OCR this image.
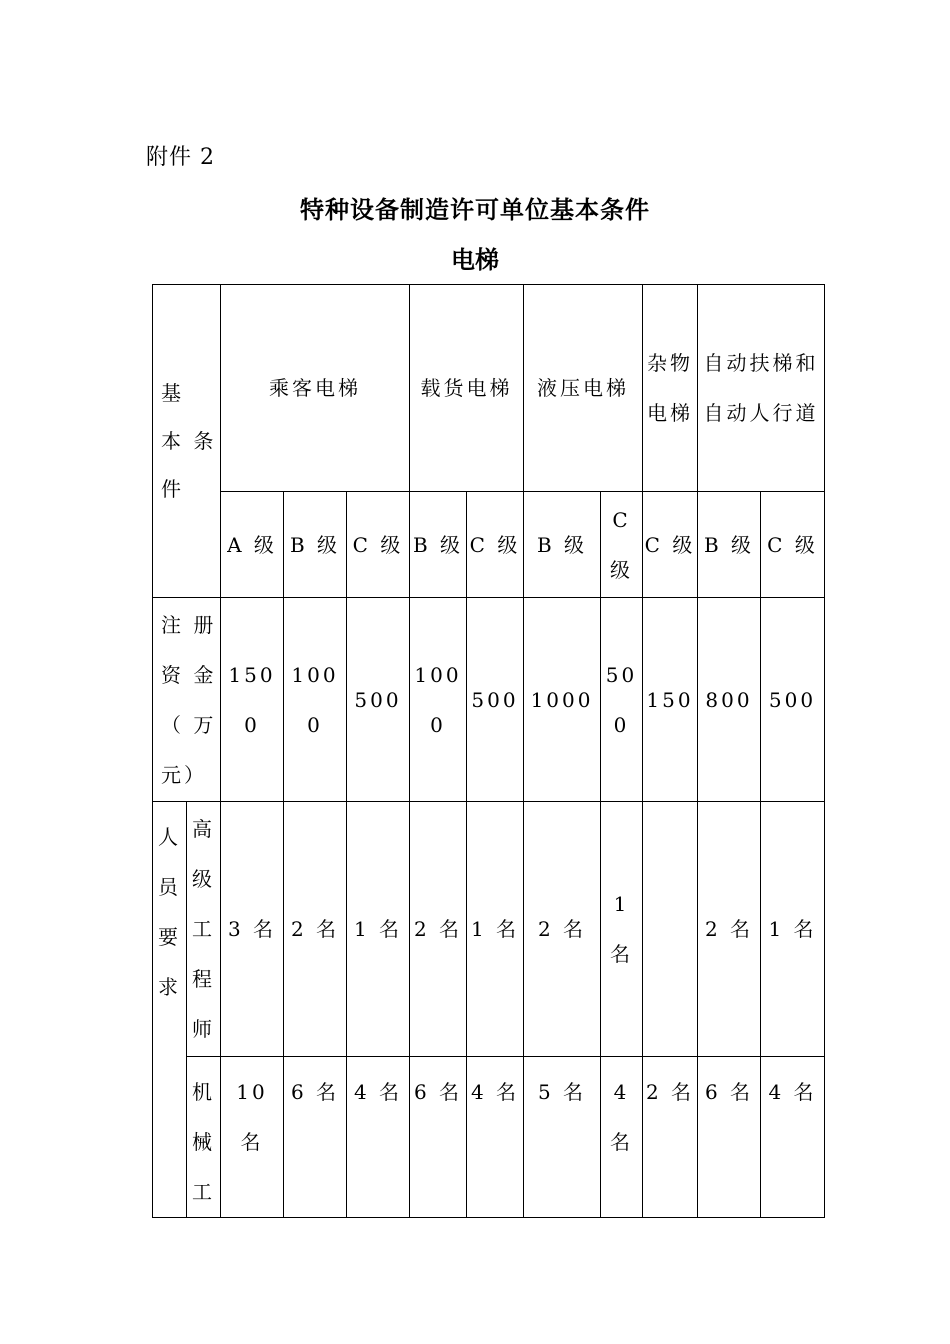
附件 2
特种设备制造许可单位基本条件
电梯
基
本 条
件		乘客电梯			载货电梯		液压电梯		杂物电梯	自动扶梯和自动人行道	
		A 级	B 级	C 级	B 级	C 级	B 级	C 级	C 级	B 级	C 级
注 册 资 金 （ 万 元）		1500	1000	500	1000	500	1000	500	150	800	500
人 员 要 求	高级工程师	3 名	2 名	1 名	2 名	1 名	2 名	1 名		2 名	1 名
	机械工	10 名	6 名	4 名	6 名	4 名	5 名	4 名	2 名	6 名	4 名
